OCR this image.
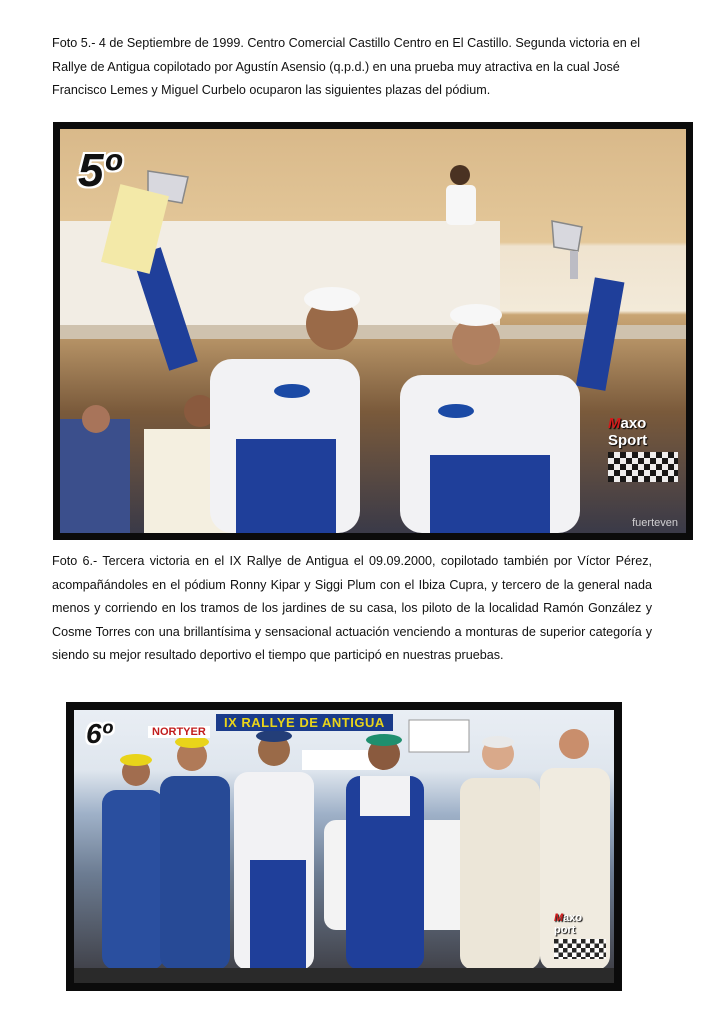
Foto 5.- 4 de Septiembre de 1999. Centro Comercial Castillo Centro en El Castillo. Segunda victoria en el Rallye de Antigua copilotado por Agustín Asensio (q.p.d.) en una prueba muy atractiva en la cual José Francisco Lemes y Miguel Curbelo ocuparon las siguientes plazas del pódium.

5º
Maxo
Sport
fuerteven

Foto 6.- Tercera victoria en el IX Rallye de Antigua el 09.09.2000, copilotado también por Víctor Pérez, acompañándoles en el pódium Ronny Kipar y Siggi Plum con el Ibiza Cupra, y tercero de la general nada menos y corriendo en los tramos de los jardines de su casa, los piloto de la localidad Ramón González y Cosme Torres con una brillantísima y sensacional actuación venciendo a monturas de superior categoría y siendo su mejor resultado deportivo el tiempo que participó en nuestras pruebas.

6º	NORTYER
IX RALLYE DE ANTIGUA
Maxo
port
